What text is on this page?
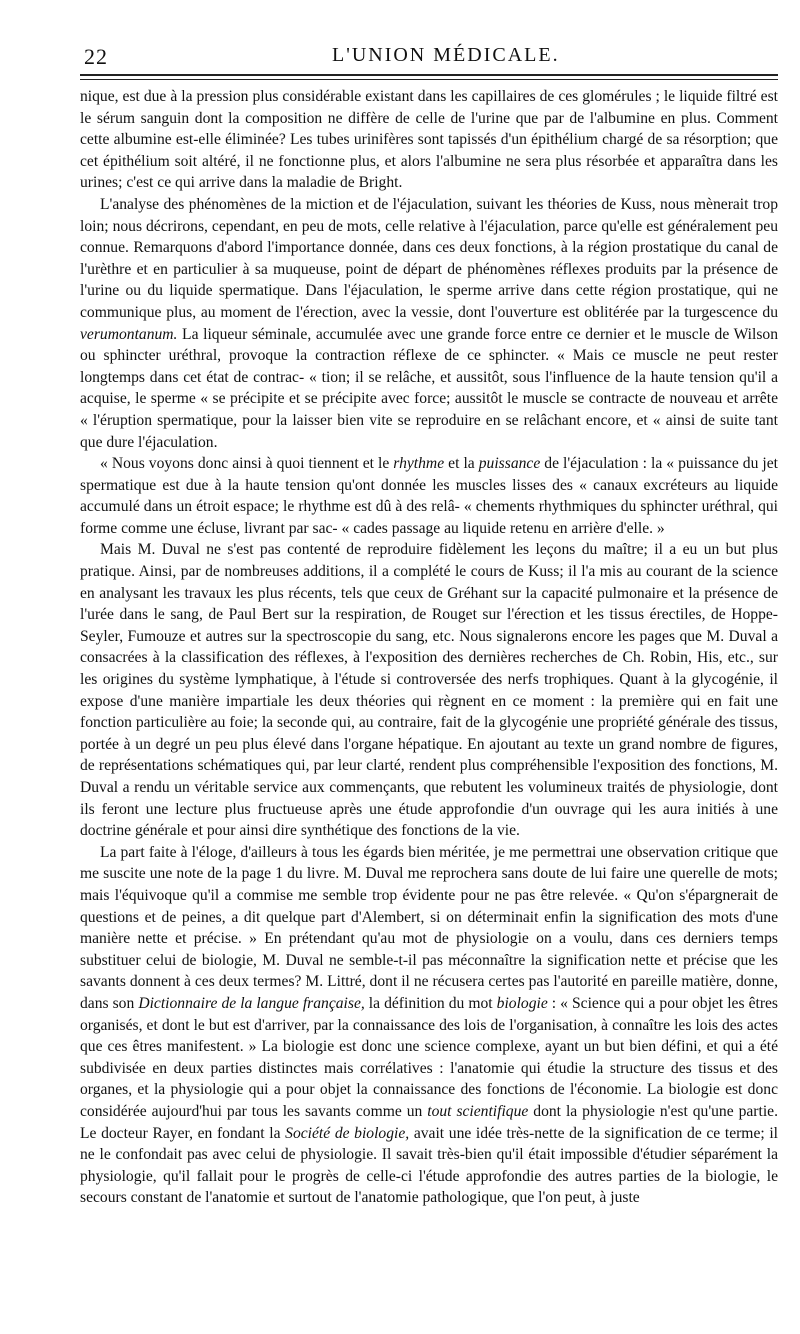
22	L'UNION MÉDICALE.

nique, est due à la pression plus considérable existant dans les capillaires de ces glomérules ; le liquide filtré est le sérum sanguin dont la composition ne diffère de celle de l'urine que par de l'albumine en plus. Comment cette albumine est-elle éliminée? Les tubes urinifères sont tapissés d'un épithélium chargé de sa résorption; que cet épithélium soit altéré, il ne fonctionne plus, et alors l'albumine ne sera plus résorbée et apparaîtra dans les urines; c'est ce qui arrive dans la maladie de Bright.

L'analyse des phénomènes de la miction et de l'éjaculation, suivant les théories de Kuss, nous mènerait trop loin; nous décrirons, cependant, en peu de mots, celle relative à l'éjaculation, parce qu'elle est généralement peu connue. Remarquons d'abord l'importance donnée, dans ces deux fonctions, à la région prostatique du canal de l'urèthre et en particulier à sa muqueuse, point de départ de phénomènes réflexes produits par la présence de l'urine ou du liquide spermatique. Dans l'éjaculation, le sperme arrive dans cette région prostatique, qui ne communique plus, au moment de l'érection, avec la vessie, dont l'ouverture est oblitérée par la turgescence du verumontanum. La liqueur séminale, accumulée avec une grande force entre ce dernier et le muscle de Wilson ou sphincter uréthral, provoque la contraction réflexe de ce sphincter. « Mais ce muscle ne peut rester longtemps dans cet état de contrac- « tion; il se relâche, et aussitôt, sous l'influence de la haute tension qu'il a acquise, le sperme « se précipite et se précipite avec force; aussitôt le muscle se contracte de nouveau et arrête « l'éruption spermatique, pour la laisser bien vite se reproduire en se relâchant encore, et « ainsi de suite tant que dure l'éjaculation.

« Nous voyons donc ainsi à quoi tiennent et le rhythme et la puissance de l'éjaculation : la « puissance du jet spermatique est due à la haute tension qu'ont donnée les muscles lisses des « canaux excréteurs au liquide accumulé dans un étroit espace; le rhythme est dû à des relâ- « chements rhythmiques du sphincter uréthral, qui forme comme une écluse, livrant par sac- « cades passage au liquide retenu en arrière d'elle. »

Mais M. Duval ne s'est pas contenté de reproduire fidèlement les leçons du maître; il a eu un but plus pratique. Ainsi, par de nombreuses additions, il a complété le cours de Kuss; il l'a mis au courant de la science en analysant les travaux les plus récents, tels que ceux de Gréhant sur la capacité pulmonaire et la présence de l'urée dans le sang, de Paul Bert sur la respiration, de Rouget sur l'érection et les tissus érectiles, de Hoppe-Seyler, Fumouze et autres sur la spectroscopie du sang, etc. Nous signalerons encore les pages que M. Duval a consacrées à la classification des réflexes, à l'exposition des dernières recherches de Ch. Robin, His, etc., sur les origines du système lymphatique, à l'étude si controversée des nerfs trophiques. Quant à la glycogénie, il expose d'une manière impartiale les deux théories qui règnent en ce moment : la première qui en fait une fonction particulière au foie; la seconde qui, au contraire, fait de la glycogénie une propriété générale des tissus, portée à un degré un peu plus élevé dans l'organe hépatique. En ajoutant au texte un grand nombre de figures, de représentations schématiques qui, par leur clarté, rendent plus compréhensible l'exposition des fonctions, M. Duval a rendu un véritable service aux commençants, que rebutent les volumineux traités de physiologie, dont ils feront une lecture plus fructueuse après une étude approfondie d'un ouvrage qui les aura initiés à une doctrine générale et pour ainsi dire synthétique des fonctions de la vie.

La part faite à l'éloge, d'ailleurs à tous les égards bien méritée, je me permettrai une observation critique que me suscite une note de la page 1 du livre. M. Duval me reprochera sans doute de lui faire une querelle de mots; mais l'équivoque qu'il a commise me semble trop évidente pour ne pas être relevée. « Qu'on s'épargnerait de questions et de peines, a dit quelque part d'Alembert, si on déterminait enfin la signification des mots d'une manière nette et précise. » En prétendant qu'au mot de physiologie on a voulu, dans ces derniers temps substituer celui de biologie, M. Duval ne semble-t-il pas méconnaître la signification nette et précise que les savants donnent à ces deux termes? M. Littré, dont il ne récusera certes pas l'autorité en pareille matière, donne, dans son Dictionnaire de la langue française, la définition du mot biologie : « Science qui a pour objet les êtres organisés, et dont le but est d'arriver, par la connaissance des lois de l'organisation, à connaître les lois des actes que ces êtres manifestent. » La biologie est donc une science complexe, ayant un but bien défini, et qui a été subdivisée en deux parties distinctes mais corrélatives : l'anatomie qui étudie la structure des tissus et des organes, et la physiologie qui a pour objet la connaissance des fonctions de l'économie. La biologie est donc considérée aujourd'hui par tous les savants comme un tout scientifique dont la physiologie n'est qu'une partie. Le docteur Rayer, en fondant la Société de biologie, avait une idée très-nette de la signification de ce terme; il ne le confondait pas avec celui de physiologie. Il savait très-bien qu'il était impossible d'étudier séparément la physiologie, qu'il fallait pour le progrès de celle-ci l'étude approfondie des autres parties de la biologie, le secours constant de l'anatomie et surtout de l'anatomie pathologique, que l'on peut, à juste
